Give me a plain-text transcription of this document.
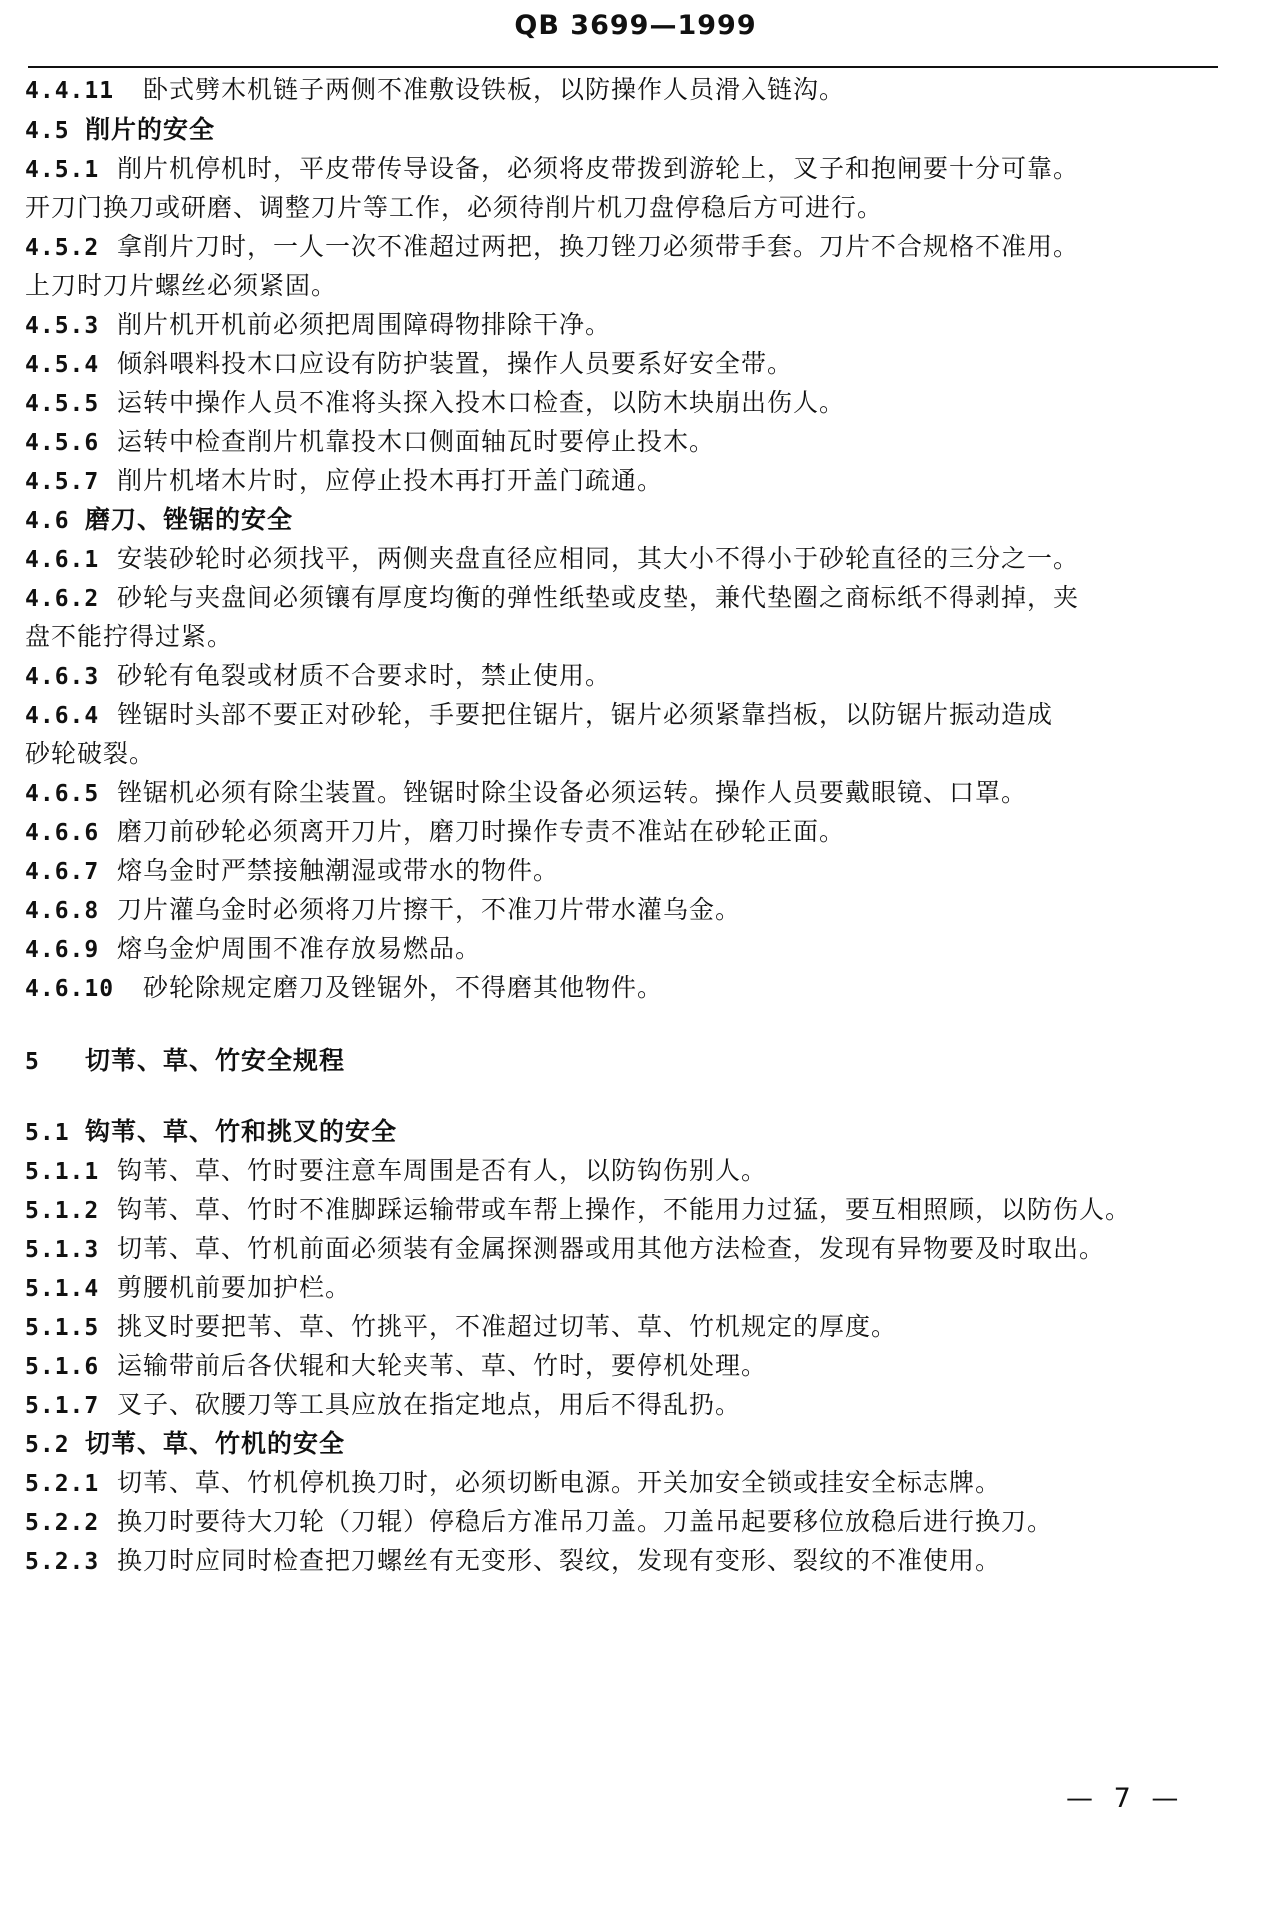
QB 3699—1999
4.4.11 卧式劈木机链子两侧不准敷设铁板，以防操作人员滑入链沟。
4.5 削片的安全
4.5.1 削片机停机时，平皮带传导设备，必须将皮带拨到游轮上，叉子和抱闸要十分可靠。
开刀门换刀或研磨、调整刀片等工作，必须待削片机刀盘停稳后方可进行。
4.5.2 拿削片刀时，一人一次不准超过两把，换刀锉刀必须带手套。刀片不合规格不准用。
上刀时刀片螺丝必须紧固。
4.5.3 削片机开机前必须把周围障碍物排除干净。
4.5.4 倾斜喂料投木口应设有防护装置，操作人员要系好安全带。
4.5.5 运转中操作人员不准将头探入投木口检查，以防木块崩出伤人。
4.5.6 运转中检查削片机靠投木口侧面轴瓦时要停止投木。
4.5.7 削片机堵木片时，应停止投木再打开盖门疏通。
4.6 磨刀、锉锯的安全
4.6.1 安装砂轮时必须找平，两侧夹盘直径应相同，其大小不得小于砂轮直径的三分之一。
4.6.2 砂轮与夹盘间必须镶有厚度均衡的弹性纸垫或皮垫，兼代垫圈之商标纸不得剥掉，夹
盘不能拧得过紧。
4.6.3 砂轮有龟裂或材质不合要求时，禁止使用。
4.6.4 锉锯时头部不要正对砂轮，手要把住锯片，锯片必须紧靠挡板，以防锯片振动造成
砂轮破裂。
4.6.5 锉锯机必须有除尘装置。锉锯时除尘设备必须运转。操作人员要戴眼镜、口罩。
4.6.6 磨刀前砂轮必须离开刀片，磨刀时操作专责不准站在砂轮正面。
4.6.7 熔乌金时严禁接触潮湿或带水的物件。
4.6.8 刀片灌乌金时必须将刀片擦干，不准刀片带水灌乌金。
4.6.9 熔乌金炉周围不准存放易燃品。
4.6.10 砂轮除规定磨刀及锉锯外，不得磨其他物件。
5 切苇、草、竹安全规程
5.1 钩苇、草、竹和挑叉的安全
5.1.1 钩苇、草、竹时要注意车周围是否有人，以防钩伤别人。
5.1.2 钩苇、草、竹时不准脚踩运输带或车帮上操作，不能用力过猛，要互相照顾，以防伤人。
5.1.3 切苇、草、竹机前面必须装有金属探测器或用其他方法检查，发现有异物要及时取出。
5.1.4 剪腰机前要加护栏。
5.1.5 挑叉时要把苇、草、竹挑平，不准超过切苇、草、竹机规定的厚度。
5.1.6 运输带前后各伏辊和大轮夹苇、草、竹时，要停机处理。
5.1.7 叉子、砍腰刀等工具应放在指定地点，用后不得乱扔。
5.2 切苇、草、竹机的安全
5.2.1 切苇、草、竹机停机换刀时，必须切断电源。开关加安全锁或挂安全标志牌。
5.2.2 换刀时要待大刀轮（刀辊）停稳后方准吊刀盖。刀盖吊起要移位放稳后进行换刀。
5.2.3 换刀时应同时检查把刀螺丝有无变形、裂纹，发现有变形、裂纹的不准使用。
— 7 —
